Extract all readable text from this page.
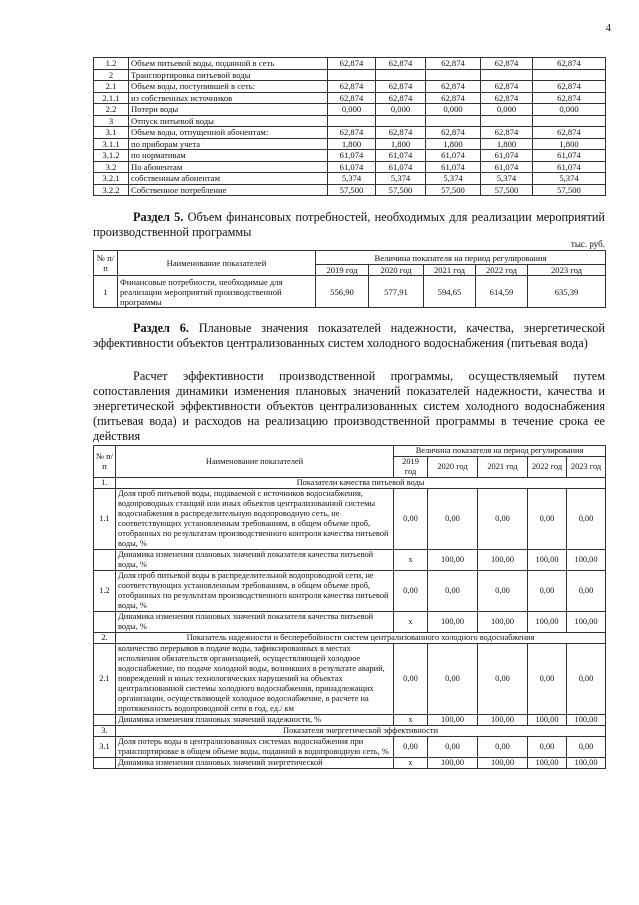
4
1.2	Объем питьевой воды, поданной в сеть	62,874	62,874	62,874	62,874	62,874
2	Транспортировка питьевой воды					
2.1	Объем воды, поступившей в сеть:	62,874	62,874	62,874	62,874	62,874
2.1.1	из собственных источников	62,874	62,874	62,874	62,874	62,874
2.2	Потери воды	0,000	0,000	0,000	0,000	0,000
3	Отпуск питьевой воды					
3.1	Объем воды, отпущенной абонентам:	62,874	62,874	62,874	62,874	62,874
3.1.1	по приборам учета	1,800	1,800	1,800	1,800	1,800
3.1.2	по нормативам	61,074	61,074	61,074	61,074	61,074
3.2	По абонентам	61,074	61,074	61,074	61,074	61,074
3.2.1	собственным абонентам	5,374	5,374	5,374	5,374	5,374
3.2.2	Собственное потребление	57,500	57,500	57,500	57,500	57,500
Раздел 5. Объем финансовых потребностей, необходимых для реализации мероприятий производственной программы
тыс. руб.
№ п/п	Наименование показателей	Величина показателя на период регулирования				
		2019 год	2020 год	2021 год	2022 год	2023 год
1	Финансовые потребности, необходимые для реализации мероприятий производственной программы	556,90	577,91	594,65	614,59	635,39
Раздел 6. Плановые значения показателей надежности, качества, энергетической эффективности объектов централизованных систем холодного водоснабжения (питьевая вода)
Расчет эффективности производственной программы, осуществляемый путем сопоставления динамики изменения плановых значений показателей надежности, качества и энергетической эффективности объектов централизованных систем холодного водоснабжения (питьевая вода) и расходов на реализацию производственной программы в течение срока ее действия
№ п/п	Наименование показателей	Величина показателя на период регулирования				
		2019 год	2020 год	2021 год	2022 год	2023 год
1.	Показатели качества питьевой воды					
1.1	Доля проб питьевой воды, подаваемой с источников водоснабжения, водопроводных станций или иных объектов централизованной системы водоснабжения в распределительную водопроводную сеть, не соответствующих установленным требованиям, в общем объеме проб, отобранных по результатам производственного контроля качества питьевой воды, %	0,00	0,00	0,00	0,00	0,00
	Динамика изменения плановых значений показателя качества питьевой воды, %	х	100,00	100,00	100,00	100,00
1.2	Доля проб питьевой воды в распределительной водопроводной сети, не соответствующих установленным требованиям, в общем объеме проб, отобранных по результатам производственного контроля качества питьевой воды, %	0,00	0,00	0,00	0,00	0,00
	Динамика изменения плановых значений показателя качества питьевой воды, %	х	100,00	100,00	100,00	100,00
2.	Показатель надежности и бесперебойности систем централизованного холодного водоснабжения					
2.1	количество перерывов в подаче воды, зафиксированных в местах исполнения обязательств организацией, осуществляющей холодное водоснабжение, по подаче холодной воды, возникших в результате аварий, повреждений и иных технологических нарушений на объектах централизованной системы холодного водоснабжения, принадлежащих организации, осуществляющей холодное водоснабжение, в расчете на протяженность водопроводной сети в год, ед./ км	0,00	0,00	0,00	0,00	0,00
	Динамика изменения плановых значений надежности, %	х	100,00	100,00	100,00	100,00
3.	Показатели энергетической эффективности					
3.1	Доля потерь воды в централизованных системах водоснабжения при транспортировке в общем объеме воды, поданной в водопроводную сеть, %	0,00	0,00	0,00	0,00	0,00
	Динамика изменения плановых значений энергетической	х	100,00	100,00	100,00	100,00
